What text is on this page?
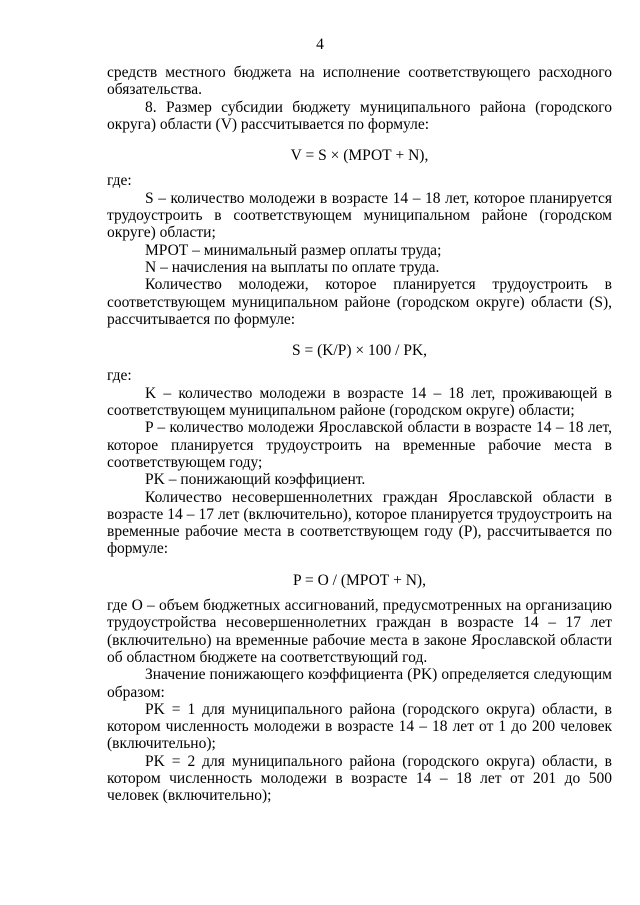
4

средств местного бюджета на исполнение соответствующего расходного обязательства.

8. Размер субсидии бюджету муниципального района (городского округа) области (V) рассчитывается по формуле:

V = S × (МРОТ + N),

где:

S – количество молодежи в возрасте 14 – 18 лет, которое планируется трудоустроить в соответствующем муниципальном районе (городском округе) области;

МРОТ – минимальный размер оплаты труда;

N – начисления на выплаты по оплате труда.

Количество молодежи, которое планируется трудоустроить в соответствующем муниципальном районе (городском округе) области (S), рассчитывается по формуле:

S = (K/P) × 100 / PK,

где:

K – количество молодежи в возрасте 14 – 18 лет, проживающей в соответствующем муниципальном районе (городском округе) области;

P – количество молодежи Ярославской области в возрасте 14 – 18 лет, которое планируется трудоустроить на временные рабочие места в соответствующем году;

PK – понижающий коэффициент.

Количество несовершеннолетних граждан Ярославской области в возрасте 14 – 17 лет (включительно), которое планируется трудоустроить на временные рабочие места в соответствующем году (P), рассчитывается по формуле:

P = O / (МРОТ + N),

где O – объем бюджетных ассигнований, предусмотренных на организацию трудоустройства несовершеннолетних граждан в возрасте 14 – 17 лет (включительно) на временные рабочие места в законе Ярославской области об областном бюджете на соответствующий год.

Значение понижающего коэффициента (PK) определяется следующим образом:

PK = 1 для муниципального района (городского округа) области, в котором численность молодежи в возрасте 14 – 18 лет от 1 до 200 человек (включительно);

PK = 2 для муниципального района (городского округа) области, в котором численность молодежи в возрасте 14 – 18 лет от 201 до 500 человек (включительно);
